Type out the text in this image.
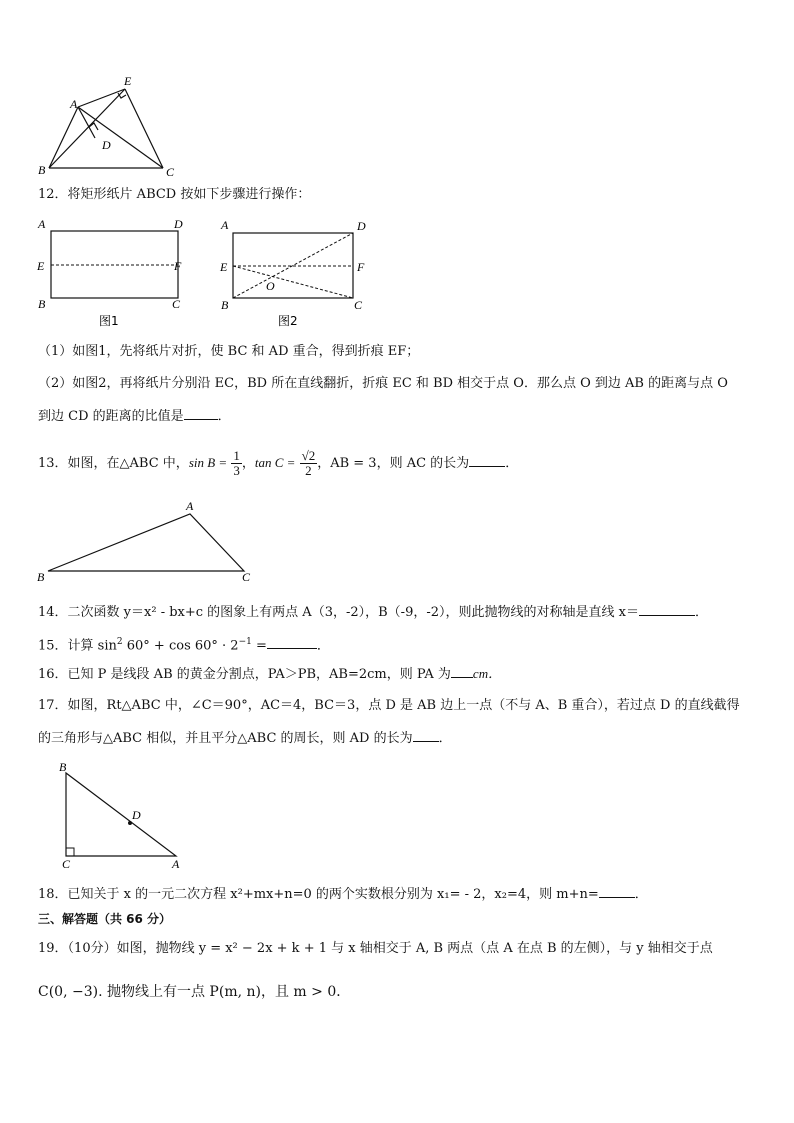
A
B	C
D
E
12．将矩形纸片 ABCD 按如下步骤进行操作：
A	D
E	F
B	C
图1
A	D
E	F
O
B	C
图2
（1）如图1，先将纸片对折，使 BC 和 AD 重合，得到折痕 EF；
（2）如图2，再将纸片分别沿 EC，BD 所在直线翻折，折痕 EC 和 BD 相交于点 O．那么点 O 到边 AB 的距离与点 O
到边 CD 的距离的比值是	．
13．如图，在△ABC 中，$\sin B = \frac{1}{3}$ ，$\tan C = \frac{√2}{2}$ ，AB = 3，则 AC 的长为	．
A
B	C
14．二次函数 y＝x² - bx+c 的图象上有两点 A（3，-2），B（-9，-2），则此抛物线的对称轴是直线 x＝	．
15．计算 $\sin^2 60^\circ + \cos 60^\circ \cdot 2^{-1}$ =	．
16．已知 P 是线段 AB 的黄金分割点，PA＞PB，AB=2cm，则 PA 为 cm．
17．如图，Rt△ABC 中，∠C＝90°，AC＝4，BC＝3，点 D 是 AB 边上一点（不与 A、B 重合），若过点 D 的直线截得
的三角形与△ABC 相似，并且平分△ABC 的周长，则 AD 的长为 ．
B
D
C	A
18．已知关于 x 的一元二次方程 x²+mx+n=0 的两个实数根分别为 x₁= - 2，x₂=4，则 m+n=	．
三、解答题（共 66 分）
19．（10分）如图，抛物线 y = x² − 2x + k + 1 与 x 轴相交于 A, B 两点（点 A 在点 B 的左侧），与 y 轴相交于点
C(0, −3). 抛物线上有一点 P(m, n)，且 m > 0．
